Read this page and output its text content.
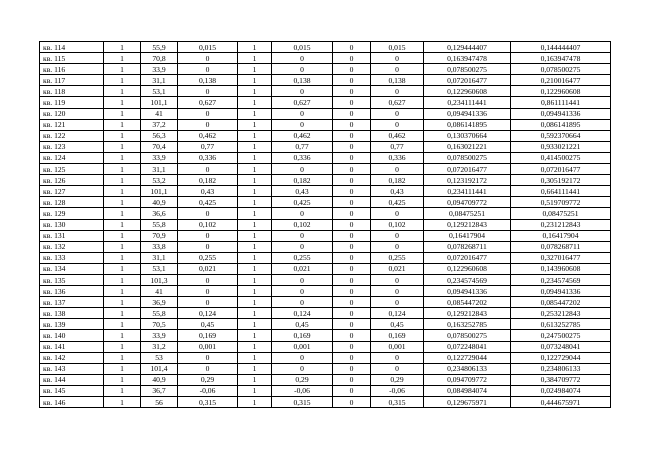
кв. 114	1	55,9	0,015	1	0,015	0	0,015	0,129444407	0,144444407
кв. 115	1	70,8	0	1	0	0	0	0,163947478	0,163947478
кв. 116	1	33,9	0	1	0	0	0	0,078500275	0,078500275
кв. 117	1	31,1	0,138	1	0,138	0	0,138	0,072016477	0,210016477
кв. 118	1	53,1	0	1	0	0	0	0,122960608	0,122960608
кв. 119	1	101,1	0,627	1	0,627	0	0,627	0,234111441	0,861111441
кв. 120	1	41	0	1	0	0	0	0,094941336	0,094941336
кв. 121	1	37,2	0	1	0	0	0	0,086141895	0,086141895
кв. 122	1	56,3	0,462	1	0,462	0	0,462	0,130370664	0,592370664
кв. 123	1	70,4	0,77	1	0,77	0	0,77	0,163021221	0,933021221
кв. 124	1	33,9	0,336	1	0,336	0	0,336	0,078500275	0,414500275
кв. 125	1	31,1	0	1	0	0	0	0,072016477	0,072016477
кв. 126	1	53,2	0,182	1	0,182	0	0,182	0,123192172	0,305192172
кв. 127	1	101,1	0,43	1	0,43	0	0,43	0,234111441	0,664111441
кв. 128	1	40,9	0,425	1	0,425	0	0,425	0,094709772	0,519709772
кв. 129	1	36,6	0	1	0	0	0	0,08475251	0,08475251
кв. 130	1	55,8	0,102	1	0,102	0	0,102	0,129212843	0,231212843
кв. 131	1	70,9	0	1	0	0	0	0,16417904	0,16417904
кв. 132	1	33,8	0	1	0	0	0	0,078268711	0,078268711
кв. 133	1	31,1	0,255	1	0,255	0	0,255	0,072016477	0,327016477
кв. 134	1	53,1	0,021	1	0,021	0	0,021	0,122960608	0,143960608
кв. 135	1	101,3	0	1	0	0	0	0,234574569	0,234574569
кв. 136	1	41	0	1	0	0	0	0,094941336	0,094941336
кв. 137	1	36,9	0	1	0	0	0	0,085447202	0,085447202
кв. 138	1	55,8	0,124	1	0,124	0	0,124	0,129212843	0,253212843
кв. 139	1	70,5	0,45	1	0,45	0	0,45	0,163252785	0,613252785
кв. 140	1	33,9	0,169	1	0,169	0	0,169	0,078500275	0,247500275
кв. 141	1	31,2	0,001	1	0,001	0	0,001	0,072248041	0,073248041
кв. 142	1	53	0	1	0	0	0	0,122729044	0,122729044
кв. 143	1	101,4	0	1	0	0	0	0,234806133	0,234806133
кв. 144	1	40,9	0,29	1	0,29	0	0,29	0,094709772	0,384709772
кв. 145	1	36,7	-0,06	1	-0,06	0	-0,06	0,084984074	0,024984074
кв. 146	1	56	0,315	1	0,315	0	0,315	0,129675971	0,444675971
